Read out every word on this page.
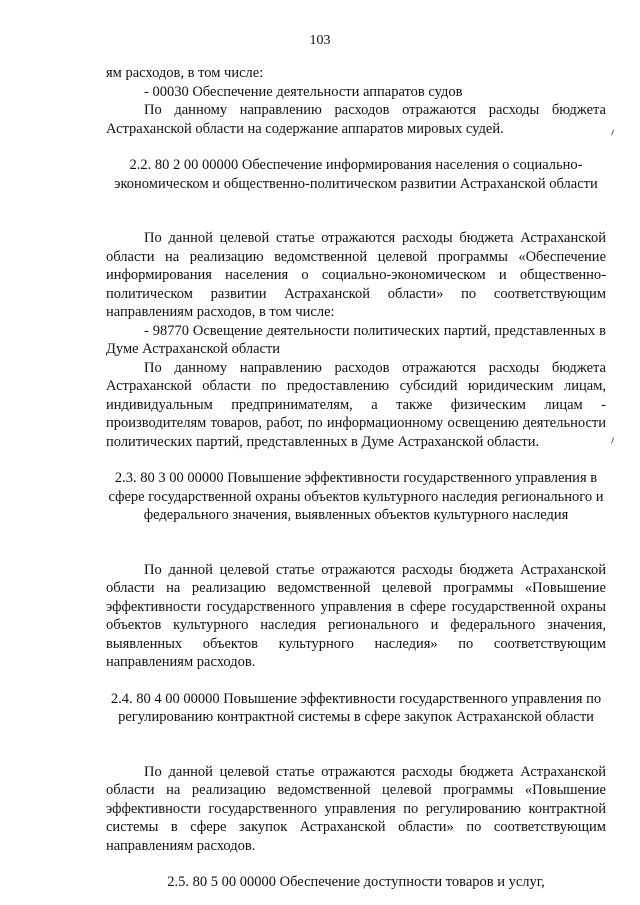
103

ям расходов, в том числе:

- 00030 Обеспечение деятельности аппаратов судов

По данному направлению расходов отражаются расходы бюджета Астраханской области на содержание аппаратов мировых судей.

2.2. 80 2 00 00000 Обеспечение информирования населения о социально-экономическом и общественно-политическом развитии Астраханской области

По данной целевой статье отражаются расходы бюджета Астраханской области на реализацию ведомственной целевой программы «Обеспечение информирования населения о социально-экономическом и общественно-политическом развитии Астраханской области» по соответствующим направлениям расходов, в том числе:

- 98770 Освещение деятельности политических партий, представленных в Думе Астраханской области

По данному направлению расходов отражаются расходы бюджета Астраханской области по предоставлению субсидий юридическим лицам, индивидуальным предпринимателям, а также физическим лицам - производителям товаров, работ, по информационному освещению деятельности политических партий, представленных в Думе Астраханской области.

2.3. 80 3 00 00000 Повышение эффективности государственного управления в сфере государственной охраны объектов культурного наследия регионального и федерального значения, выявленных объектов культурного наследия

По данной целевой статье отражаются расходы бюджета Астраханской области на реализацию ведомственной целевой программы «Повышение эффективности государственного управления в сфере государственной охраны объектов культурного наследия регионального и федерального значения, выявленных объектов культурного наследия» по соответствующим направлениям расходов.

2.4. 80 4 00 00000 Повышение эффективности государственного управления по регулированию контрактной системы в сфере закупок Астраханской области

По данной целевой статье отражаются расходы бюджета Астраханской области на реализацию ведомственной целевой программы «Повышение эффективности государственного управления по регулированию контрактной системы в сфере закупок Астраханской области» по соответствующим направлениям расходов.

2.5. 80 5 00 00000 Обеспечение доступности товаров и услуг,
